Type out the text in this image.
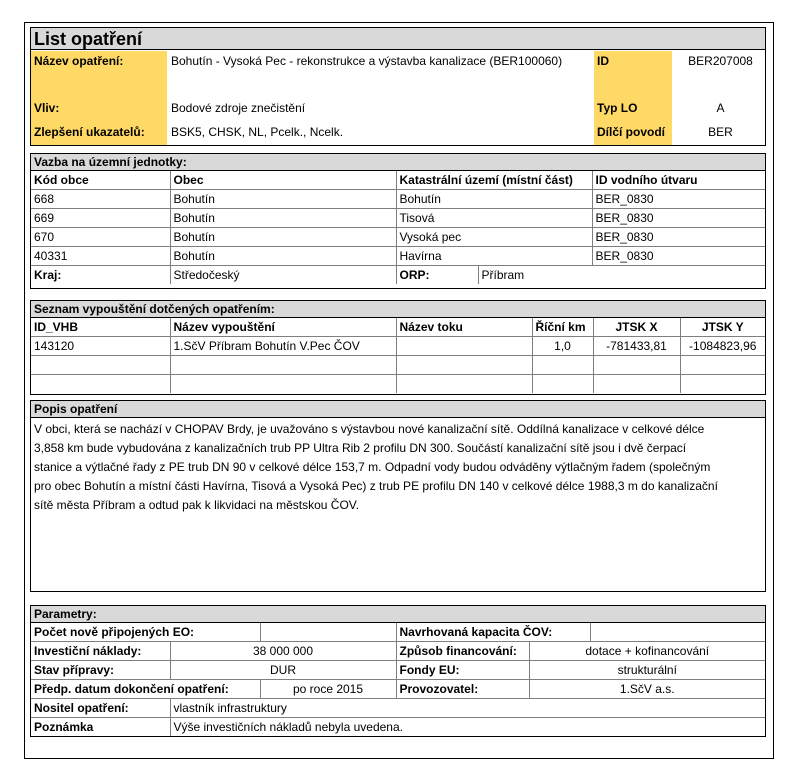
List opatření
Název opatření:	Bohutín - Vysoká Pec - rekonstrukce a výstavba kanalizace (BER100060)	ID	BER207008
Vliv:	Bodové zdroje znečistění	Typ LO	A
Zlepšení ukazatelů:	BSK5, CHSK, NL, Pcelk., Ncelk.	Dílčí povodí	BER
Vazba na územní jednotky:
Kód obce	Obec	Katastrální území (místní část)		ID vodního útvaru
668	Bohutín	Bohutín		BER_0830
669	Bohutín	Tisová		BER_0830
670	Bohutín	Vysoká pec		BER_0830
40331	Bohutín	Havírna		BER_0830
Kraj:	Středočeský	ORP:	Příbram	
Seznam vypouštění dotčených opatřením:
ID_VHB	Název vypouštění	Název toku	Říční km	JTSK X	JTSK Y
143120	1.SčV Příbram Bohutín V.Pec ČOV		1,0	-781433,81	-1084823,96

Popis opatření
V obci, která se nachází v CHOPAV Brdy, je uvažováno s výstavbou nové kanalizační sítě. Oddílná kanalizace v celkové délce
3,858 km bude vybudována z kanalizačních trub PP Ultra Rib 2 profilu DN 300. Součástí kanalizační sítě jsou i dvě čerpací
stanice a výtlačné řady z PE trub DN 90 v celkové délce 153,7 m. Odpadní vody budou odváděny výtlačným řadem (společným
pro obec Bohutín a místní části Havírna, Tisová a Vysoká Pec) z trub PE profilu DN 140 v celkové délce 1988,3 m do kanalizační
sítě města Příbram a odtud pak k likvidaci na městskou ČOV.
Parametry:
Počet nově připojených EO:			Navrhovaná kapacita ČOV:		
Investiční náklady:	38 000 000		Způsob financování:	dotace + kofinancování	
Stav přípravy:	DUR		Fondy EU:	strukturální	
Předp. datum dokončení opatření:		po roce 2015	Provozovatel:	1.SčV a.s.	
Nositel opatření:	vlastník infrastruktury				
Poznámka	Výše investičních nákladů nebyla uvedena.				
